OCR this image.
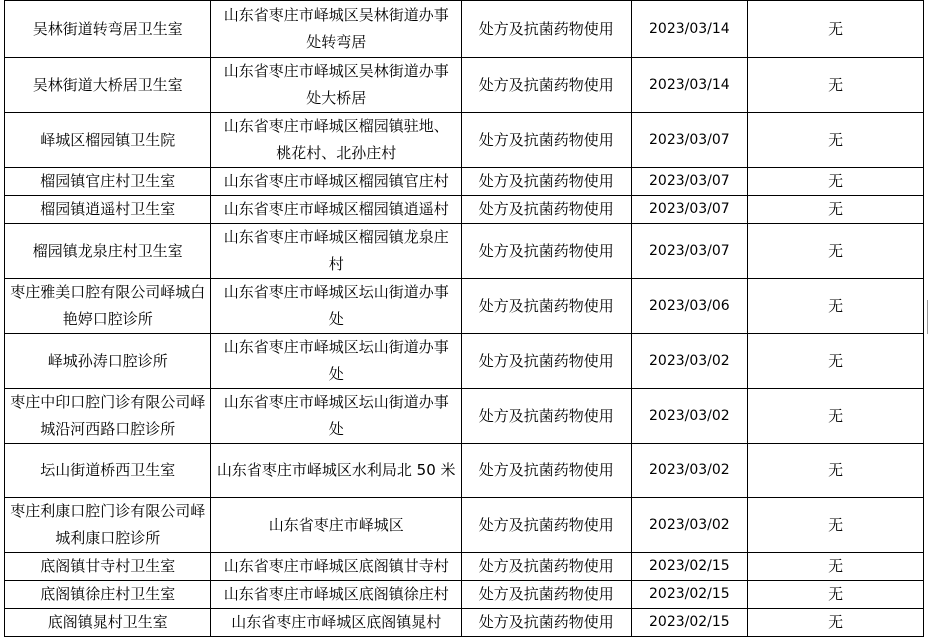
吴林街道转弯居卫生室	山东省枣庄市峄城区吴林街道办事处转弯居	处方及抗菌药物使用	2023/03/14	无
吴林街道大桥居卫生室	山东省枣庄市峄城区吴林街道办事处大桥居	处方及抗菌药物使用	2023/03/14	无
峄城区榴园镇卫生院	山东省枣庄市峄城区榴园镇驻地、桃花村、北孙庄村	处方及抗菌药物使用	2023/03/07	无
榴园镇官庄村卫生室	山东省枣庄市峄城区榴园镇官庄村	处方及抗菌药物使用	2023/03/07	无
榴园镇逍遥村卫生室	山东省枣庄市峄城区榴园镇逍遥村	处方及抗菌药物使用	2023/03/07	无
榴园镇龙泉庄村卫生室	山东省枣庄市峄城区榴园镇龙泉庄村	处方及抗菌药物使用	2023/03/07	无
枣庄雅美口腔有限公司峄城白艳婷口腔诊所	山东省枣庄市峄城区坛山街道办事处	处方及抗菌药物使用	2023/03/06	无
峄城孙涛口腔诊所	山东省枣庄市峄城区坛山街道办事处	处方及抗菌药物使用	2023/03/02	无
枣庄中印口腔门诊有限公司峄城沿河西路口腔诊所	山东省枣庄市峄城区坛山街道办事处	处方及抗菌药物使用	2023/03/02	无
坛山街道桥西卫生室	山东省枣庄市峄城区水利局北 50 米	处方及抗菌药物使用	2023/03/02	无
枣庄利康口腔门诊有限公司峄城利康口腔诊所	山东省枣庄市峄城区	处方及抗菌药物使用	2023/03/02	无
底阁镇甘寺村卫生室	山东省枣庄市峄城区底阁镇甘寺村	处方及抗菌药物使用	2023/02/15	无
底阁镇徐庄村卫生室	山东省枣庄市峄城区底阁镇徐庄村	处方及抗菌药物使用	2023/02/15	无
底阁镇晁村卫生室	山东省枣庄市峄城区底阁镇晁村	处方及抗菌药物使用	2023/02/15	无
